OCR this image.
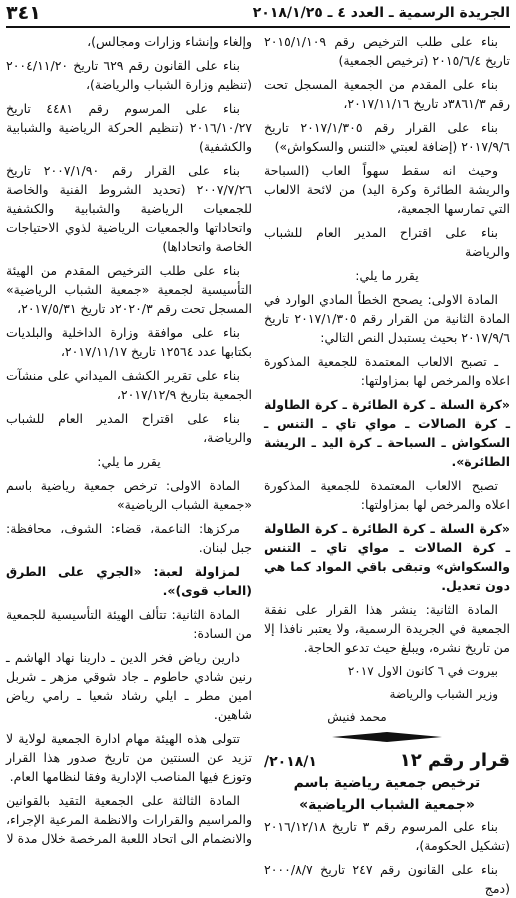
الجريدة الرسمية ـ العدد ٤ ـ ٢٠١٨/١/٢٥
٣٤١

بناء على طلب الترخيص رقم ٢٠١٥/١/١٠٩ تاريخ ٢٠١٥/٦/٤ (ترخيص الجمعية)

بناء على المقدم من الجمعية المسجل تحت رقم ٣٨٦١/٣د تاريخ ٢٠١٧/١١/١٦،

بناء على القرار رقم ٢٠١٧/١/٣٠٥ تاريخ ٢٠١٧/٩/٦ (إضافة لعبتي «التنس والسكواش»)

وحيث انه سقط سهواً العاب (السباحة والريشة الطائرة وكرة اليد) من لائحة الالعاب التي تمارسها الجمعية،

بناء على اقتراح المدير العام للشباب والرياضة

يقرر ما يلي:

المادة الاولى: يصحح الخطأ المادي الوارد في المادة الثانية من القرار رقم ٢٠١٧/١/٣٠٥ تاريخ ٢٠١٧/٩/٦ بحيث يستبدل النص التالي:

ـ تصبح الالعاب المعتمدة للجمعية المذكورة اعلاه والمرخص لها بمزاولتها:

«كرة السلة ـ كرة الطائرة ـ كرة الطاولة ـ كرة الصالات ـ مواي تاي ـ التنس ـ السكواش ـ السباحة ـ كرة اليد ـ الريشة الطائرة».

تصبح الالعاب المعتمدة للجمعية المذكورة اعلاه والمرخص لها بمزاولتها:

«كرة السلة ـ كرة الطائرة ـ كرة الطاولة ـ كرة الصالات ـ مواي تاي ـ التنس والسكواش» وتبقى باقي المواد كما هي دون تعديل.

المادة الثانية: ينشر هذا القرار على نفقة الجمعية في الجريدة الرسمية، ولا يعتبر نافذا إلا من تاريخ نشره، ويبلغ حيث تدعو الحاجة.

بيروت في ٦ كانون الاول ٢٠١٧

وزير الشباب والرياضة

محمد فنيش

قرار رقم ١٢
٢٠١٨/١/

ترخيص جمعية رياضية باسم

«جمعية الشباب الرياضية»

بناء على المرسوم رقم ٣ تاريخ ٢٠١٦/١٢/١٨ (تشكيل الحكومة)،

بناء على القانون رقم ٢٤٧ تاريخ ٢٠٠٠/٨/٧ (دمج

وإلغاء وإنشاء وزارات ومجالس)،

بناء على القانون رقم ٦٢٩ تاريخ ٢٠٠٤/١١/٢٠ (تنظيم وزارة الشباب والرياضة)،

بناء على المرسوم رقم ٤٤٨١ تاريخ ٢٠١٦/١٠/٢٧ (تنظيم الحركة الرياضية والشبابية والكشفية)

بناء على القرار رقم ٢٠٠٧/١/٩٠ تاريخ ٢٠٠٧/٧/٢٦ (تحديد الشروط الفنية والخاصة للجمعيات الرياضية والشبابية والكشفية واتحاداتها والجمعيات الرياضية لذوي الاحتياجات الخاصة واتحاداها)

بناء على طلب الترخيص المقدم من الهيئة التأسيسية لجمعية «جمعية الشباب الرياضية» المسجل تحت رقم ٢٠٢٠/٣د تاريخ ٢٠١٧/٥/٣١،

بناء على موافقة وزارة الداخلية والبلديات بكتابها عدد ١٢٥٦٤ تاريخ ٢٠١٧/١١/١٧،

بناء على تقرير الكشف الميداني على منشآت الجمعية بتاريخ ٢٠١٧/١٢/٩،

بناء على اقتراح المدير العام للشباب والرياضة،

يقرر ما يلي:

المادة الاولى: ترخص جمعية رياضية باسم «جمعية الشباب الرياضية»

مركزها: الناعمة، قضاء: الشوف، محافظة: جبل لبنان.

لمزاولة لعبة: «الجري على الطرق (العاب قوى)».

المادة الثانية: تتألف الهيئة التأسيسية للجمعية من السادة:

دارين رياض فخر الدين ـ دارينا نهاد الهاشم ـ رنين شادي حاطوم ـ جاد شوقي مزهر ـ شربل امين مطر ـ ايلي رشاد شعيا ـ رامي رياض شاهين.

تتولى هذه الهيئة مهام ادارة الجمعية لولاية لا تزيد عن السنتين من تاريخ صدور هذا القرار وتوزع فيها المناصب الإدارية وفقا لنظامها العام.

المادة الثالثة على الجمعية التقيد بالقوانين والمراسيم والقرارات والانظمة المرعية الإجراء، والانضمام الى اتحاد اللعبة المرخصة خلال مدة لا
